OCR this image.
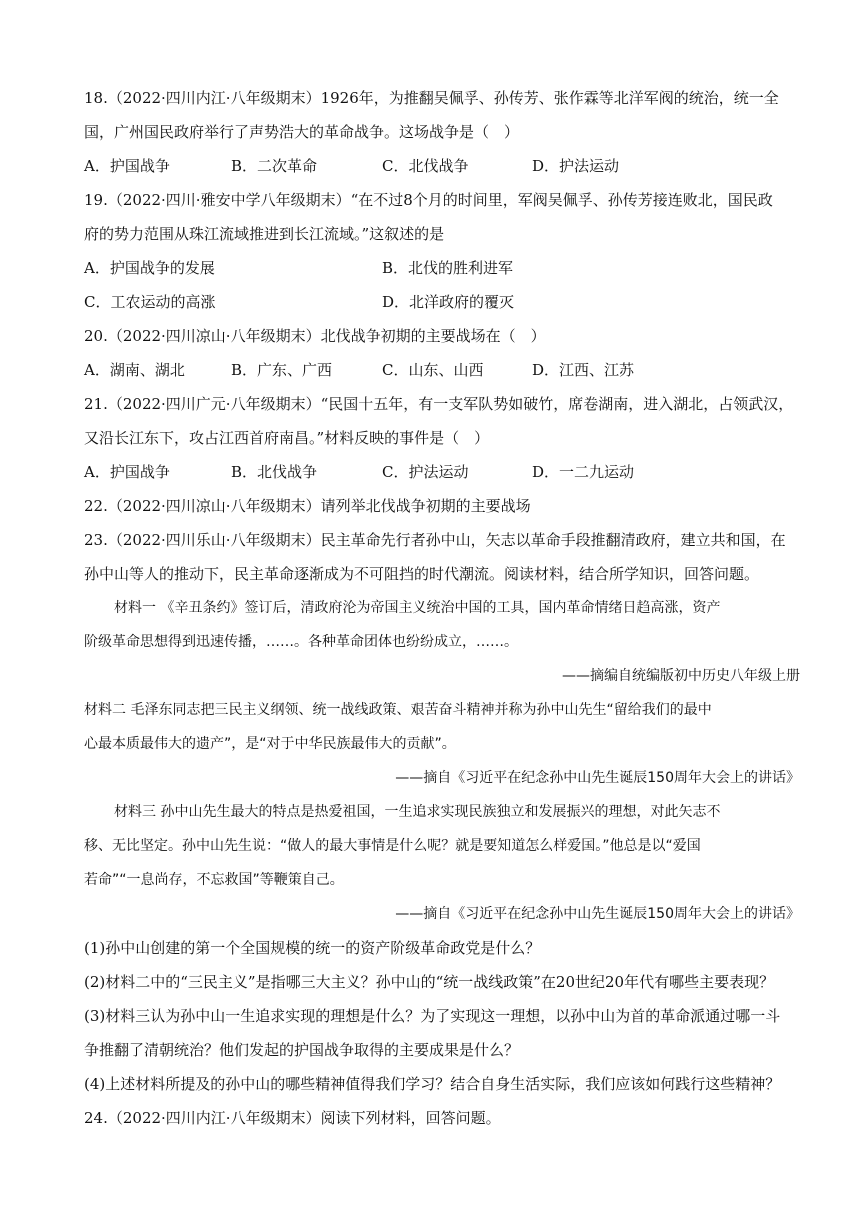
18.（2022·四川内江·八年级期末）1926年，为推翻吴佩孚、孙传芳、张作霖等北洋军阀的统治，统一全
国，广州国民政府举行了声势浩大的革命战争。这场战争是（　）
A．护国战争	B．二次革命	C．北伐战争	D．护法运动
19.（2022·四川·雅安中学八年级期末）“在不过8个月的时间里，军阀吴佩孚、孙传芳接连败北，国民政
府的势力范围从珠江流域推进到长江流域。”这叙述的是
A．护国战争的发展	B．北伐的胜利进军
C．工农运动的高涨	D．北洋政府的覆灭
20.（2022·四川凉山·八年级期末）北伐战争初期的主要战场在（　）
A．湖南、湖北	B．广东、广西	C．山东、山西	D．江西、江苏
21.（2022·四川广元·八年级期末）“民国十五年，有一支军队势如破竹，席卷湖南，进入湖北，占领武汉，
又沿长江东下，攻占江西首府南昌。”材料反映的事件是（　）
A．护国战争	B．北伐战争	C．护法运动	D．一二九运动
22.（2022·四川凉山·八年级期末）请列举北伐战争初期的主要战场
23.（2022·四川乐山·八年级期末）民主革命先行者孙中山，矢志以革命手段推翻清政府，建立共和国，在
孙中山等人的推动下，民主革命逐渐成为不可阻挡的时代潮流。阅读材料，结合所学知识，回答问题。
材料一 《辛丑条约》签订后，清政府沦为帝国主义统治中国的工具，国内革命情绪日趋高涨，资产
阶级革命思想得到迅速传播，……。各种革命团体也纷纷成立，……。
——摘编自统编版初中历史八年级上册
材料二 毛泽东同志把三民主义纲领、统一战线政策、艰苦奋斗精神并称为孙中山先生“留给我们的最中
心最本质最伟大的遗产”，是“对于中华民族最伟大的贡献”。
——摘自《习近平在纪念孙中山先生诞辰150周年大会上的讲话》
材料三 孙中山先生最大的特点是热爱祖国，一生追求实现民族独立和发展振兴的理想，对此矢志不
移、无比坚定。孙中山先生说：“做人的最大事情是什么呢？就是要知道怎么样爱国。”他总是以“爱国
若命”“一息尚存，不忘救国”等鞭策自己。
——摘自《习近平在纪念孙中山先生诞辰150周年大会上的讲话》
(1)孙中山创建的第一个全国规模的统一的资产阶级革命政党是什么？
(2)材料二中的“三民主义”是指哪三大主义？孙中山的“统一战线政策”在20世纪20年代有哪些主要表现？
(3)材料三认为孙中山一生追求实现的理想是什么？为了实现这一理想，以孙中山为首的革命派通过哪一斗
争推翻了清朝统治？他们发起的护国战争取得的主要成果是什么？
(4)上述材料所提及的孙中山的哪些精神值得我们学习？结合自身生活实际，我们应该如何践行这些精神？
24.（2022·四川内江·八年级期末）阅读下列材料，回答问题。
